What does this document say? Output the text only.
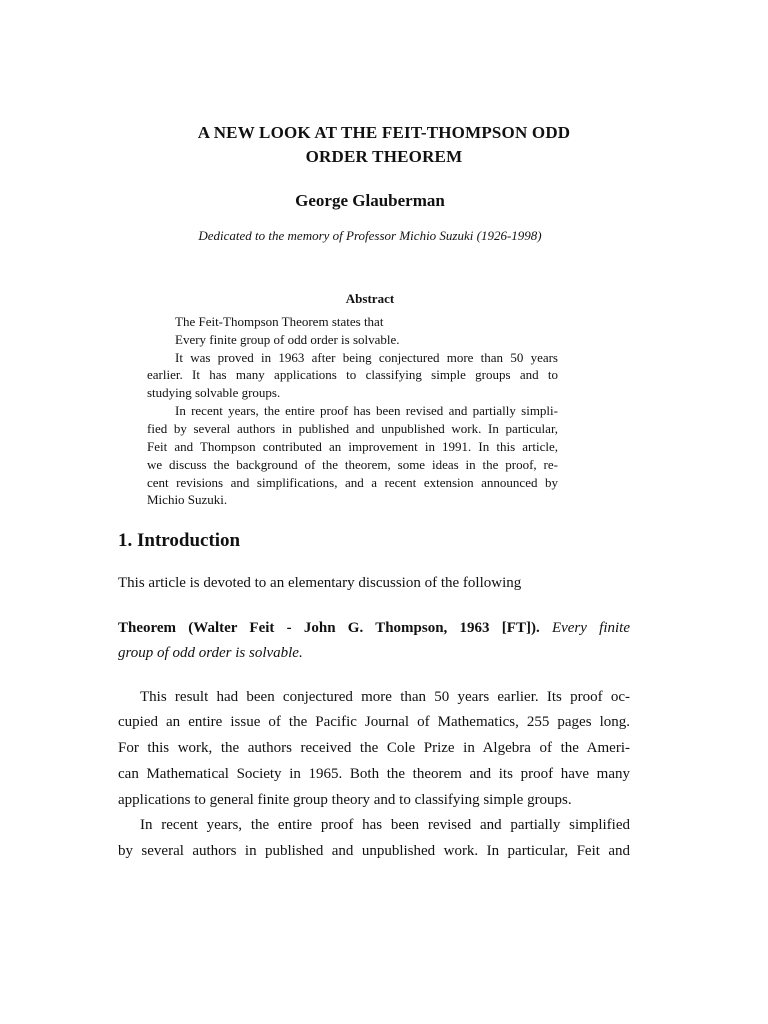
A NEW LOOK AT THE FEIT-THOMPSON ODD
ORDER THEOREM

George Glauberman

Dedicated to the memory of Professor Michio Suzuki (1926-1998)

Abstract

The Feit-Thompson Theorem states that

Every finite group of odd order is solvable.

It was proved in 1963 after being conjectured more than 50 years

earlier. It has many applications to classifying simple groups and to

studying solvable groups.

In recent years, the entire proof has been revised and partially simpli-

fied by several authors in published and unpublished work. In particular,

Feit and Thompson contributed an improvement in 1991. In this article,

we discuss the background of the theorem, some ideas in the proof, re-

cent revisions and simplifications, and a recent extension announced by

Michio Suzuki.

1. Introduction

This article is devoted to an elementary discussion of the following

Theorem (Walter Feit - John G. Thompson, 1963 [FT]). Every finite

group of odd order is solvable.

This result had been conjectured more than 50 years earlier. Its proof oc-

cupied an entire issue of the Pacific Journal of Mathematics, 255 pages long.

For this work, the authors received the Cole Prize in Algebra of the Ameri-

can Mathematical Society in 1965. Both the theorem and its proof have many

applications to general finite group theory and to classifying simple groups.

In recent years, the entire proof has been revised and partially simplified

by several authors in published and unpublished work. In particular, Feit and
